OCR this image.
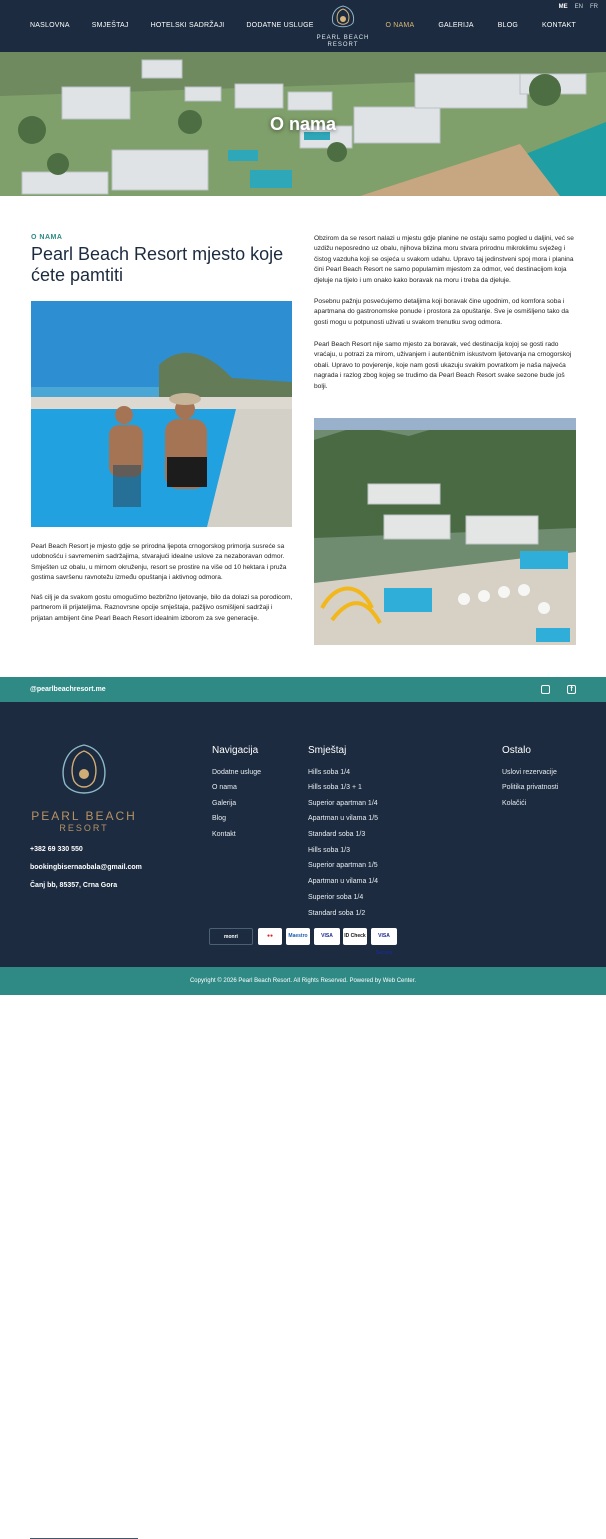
NASLOVNA	SMJEŠTAJ	HOTELSKI SADRŽAJI	DODATNE USLUGE
PEARL BEACH
RESORT
O NAMA	GALERIJA	BLOG	KONTAKT
ME EN FR
O nama
O NAMA
Pearl Beach Resort mjesto koje ćete pamtiti
Pearl Beach Resort je mjesto gdje se prirodna ljepota crnogorskog primorja susreće sa udobnošću i savremenim sadržajima, stvarajući idealne uslove za nezaboravan odmor. Smješten uz obalu, u mirnom okruženju, resort se prostire na više od 10 hektara i pruža gostima savršenu ravnotežu između opuštanja i aktivnog odmora.
Naš cilj je da svakom gostu omogućimo bezbrižno ljetovanje, bilo da dolazi sa porodicom, partnerom ili prijateljima. Raznovrsne opcije smještaja, pažljivo osmišljeni sadržaji i prijatan ambijent čine Pearl Beach Resort idealnim izborom za sve generacije.
Obzirom da se resort nalazi u mjestu gdje planine ne ostaju samo pogled u daljini, već se uzdižu neposredno uz obalu, njihova blizina moru stvara prirodnu mikroklimu svježeg i čistog vazduha koji se osjeća u svakom udahu. Upravo taj jedinstveni spoj mora i planina čini Pearl Beach Resort ne samo popularnim mjestom za odmor, već destinacijom koja djeluje na tijelo i um onako kako boravak na moru i treba da djeluje.
Posebnu pažnju posvećujemo detaljima koji boravak čine ugodnim, od komfora soba i apartmana do gastronomske ponude i prostora za opuštanje. Sve je osmišljeno tako da gosti mogu u potpunosti uživati u svakom trenutku svog odmora.
Pearl Beach Resort nije samo mjesto za boravak, već destinacija kojoj se gosti rado vraćaju, u potrazi za mirom, uživanjem i autentičnim iskustvom ljetovanja na crnogorskoj obali. Upravo to povjerenje, koje nam gosti ukazuju svakim povratkom je naša najveća nagrada i razlog zbog kojeg se trudimo da Pearl Beach Resort svake sezone bude još bolji.
@pearlbeachresort.me	f
PEARL BEACH
RESORT
+382 69 330 550
bookingbisernaobala@gmail.com
Čanj bb, 85357, Crna Gora
Navigacija
Dodatne usluge
O nama
Galerija
Blog
Kontakt
Smještaj
Hills soba 1/4
Hills soba 1/3 + 1
Superior apartman 1/4
Apartman u vilama 1/5
Standard soba 1/3
Hills soba 1/3
Superior apartman 1/5
Apartman u vilama 1/4
Superior soba 1/4
Standard soba 1/2
Ostalo
Uslovi rezervacije
Politika privatnosti
Kolačići
monri	●●	Maestro	VISA	ID Check	VISA Secure
Copyright © 2026 Pearl Beach Resort. All Rights Reserved. Powered by Web Center.
